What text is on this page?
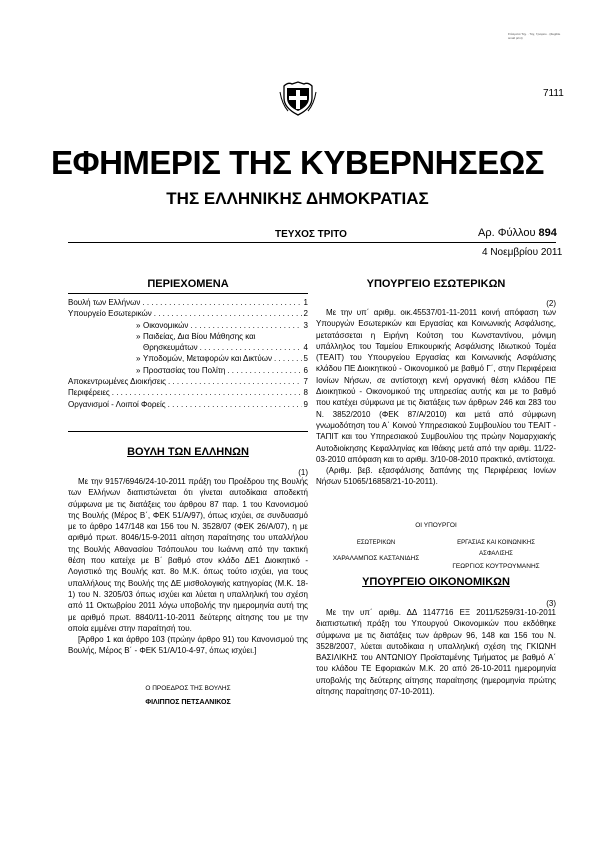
Στάλματα Ταχ. · Ταχ. Γραφείο · (illegible small print)
7111
ΕΦΗΜΕΡΙΣ ΤΗΣ ΚΥΒΕΡΝΗΣΕΩΣ
ΤΗΣ ΕΛΛΗΝΙΚΗΣ ΔΗΜΟΚΡΑΤΙΑΣ
ΤΕΥΧΟΣ ΤΡΙΤΟ	Αρ. Φύλλου 894
4 Νοεμβρίου 2011
ΠΕΡΙΕΧΟΜΕΝΑ
Βουλή των Ελλήνων . . .	1
Υπουργείο Εσωτερικών . . .	2
» Οικονομικών . . .	3
» Παιδείας, Δια Βίου Μάθησης και
Θρησκευμάτων . . .	4
» Υποδομών, Μεταφορών και Δικτύων . . .	5
» Προστασίας του Πολίτη . . .	6
Αποκεντρωμένες Διοικήσεις . . .	7
Περιφέρειες . . .	8
Οργανισμοί - Λοιποί Φορείς . . .	9
ΒΟΥΛΗ ΤΩΝ ΕΛΛΗΝΩΝ
(1)

Με την 9157/6946/24-10-2011 πράξη του Προέδρου της Βουλής των Ελλήνων διαπιστώνεται ότι γίνεται αυτοδίκαια αποδεκτή σύμφωνα με τις διατάξεις του άρθρου 87 παρ. 1 του Κανονισμού της Βουλής (Μέρος Β΄, ΦΕΚ 51/Α/97), όπως ισχύει, σε συνδυασμό με το άρθρο 147/148 και 156 του Ν. 3528/07 (ΦΕΚ 26/Α/07), η με αριθμό πρωτ. 8046/15-9-2011 αίτηση παραίτησης του υπαλλήλου της Βουλής Αθανασίου Τσόπουλου του Ιωάννη από την τακτική θέση που κατείχε με Β΄ βαθμό στον κλάδο ΔΕ1 Διοικητικό - Λογιστικό της Βουλής κατ. 8ο Μ.Κ. όπως τούτο ισχύει, για τους υπαλλήλους της Βουλής της ΔΕ μισθολογικής κατηγορίας (Μ.Κ. 18-1) του Ν. 3205/03 όπως ισχύει και λύεται η υπαλληλική του σχέση από 11 Οκτωβρίου 2011 λόγω υποβολής την ημερομηνία αυτή της με αριθμό πρωτ. 8840/11-10-2011 δεύτερης αίτησης του με την οποία εμμένει στην παραίτησή του.

[Άρθρο 1 και άρθρο 103 (πρώην άρθρο 91) του Κανονισμού της Βουλής, Μέρος Β΄ - ΦΕΚ 51/Α/10-4-97, όπως ισχύει.]

Ο ΠΡΟΕΔΡΟΣ ΤΗΣ ΒΟΥΛΗΣ
ΦΙΛΙΠΠΟΣ ΠΕΤΣΑΛΝΙΚΟΣ
ΥΠΟΥΡΓΕΙΟ ΕΣΩΤΕΡΙΚΩΝ
(2)

Με την υπ΄ αριθμ. οικ.45537/01-11-2011 κοινή απόφαση των Υπουργών Εσωτερικών και Εργασίας και Κοινωνικής Ασφάλισης, μετατάσσεται η Ειρήνη Κούτση του Κωνσταντίνου, μόνιμη υπάλληλος του Ταμείου Επικουρικής Ασφάλισης Ιδιωτικού Τομέα (ΤΕΑΙΤ) του Υπουργείου Εργασίας και Κοινωνικής Ασφάλισης κλάδου ΠΕ Διοικητικού - Οικονομικού με βαθμό Γ΄, στην Περιφέρεια Ιονίων Νήσων, σε αντίστοιχη κενή οργανική θέση κλάδου ΠΕ Διοικητικού - Οικονομικού της υπηρεσίας αυτής και με το βαθμό που κατέχει σύμφωνα με τις διατάξεις των άρθρων 246 και 283 του Ν. 3852/2010 (ΦΕΚ 87/Α/2010) και μετά από σύμφωνη γνωμοδότηση του Α΄ Κοινού Υπηρεσιακού Συμβουλίου του ΤΕΑΙΤ - ΤΑΠΙΤ και του Υπηρεσιακού Συμβουλίου της πρώην Νομαρχιακής Αυτοδιοίκησης Κεφαλληνίας και Ιθάκης μετά από την αριθμ. 11/22-03-2010 απόφαση και το αριθμ. 3/10-08-2010 πρακτικό, αντίστοιχα.

(Αριθμ. βεβ. εξασφάλισης δαπάνης της Περιφέρειας Ιονίων Νήσων 51065/16858/21-10-2011).

ΟΙ ΥΠΟΥΡΓΟΙ
ΕΣΩΤΕΡΙΚΩΝ
ΧΑΡΑΛΑΜΠΟΣ ΚΑΣΤΑΝΙΔΗΣ
ΕΡΓΑΣΙΑΣ ΚΑΙ ΚΟΙΝΩΝΙΚΗΣ ΑΣΦΑΛΙΣΗΣ
ΓΕΩΡΓΙΟΣ ΚΟΥΤΡΟΥΜΑΝΗΣ
ΥΠΟΥΡΓΕΙΟ ΟΙΚΟΝΟΜΙΚΩΝ
(3)

Με την υπ΄ αριθμ. ΔΔ 1147716 ΕΞ 2011/5259/31-10-2011 διαπιστωτική πράξη του Υπουργού Οικονομικών που εκδόθηκε σύμφωνα με τις διατάξεις των άρθρων 96, 148 και 156 του Ν. 3528/2007, λύεται αυτοδίκαια η υπαλληλική σχέση της ΓΚΙΩΝΗ ΒΑΣΙΛΙΚΗΣ του ΑΝΤΩΝΙΟΥ Προϊσταμένης Τμήματος με βαθμό Α΄ του κλάδου ΤΕ Εφοριακών Μ.Κ. 20 από 26-10-2011 ημερομηνία υποβολής της δεύτερης αίτησης παραίτησης (ημερομηνία πρώτης αίτησης παραίτησης 07-10-2011).
